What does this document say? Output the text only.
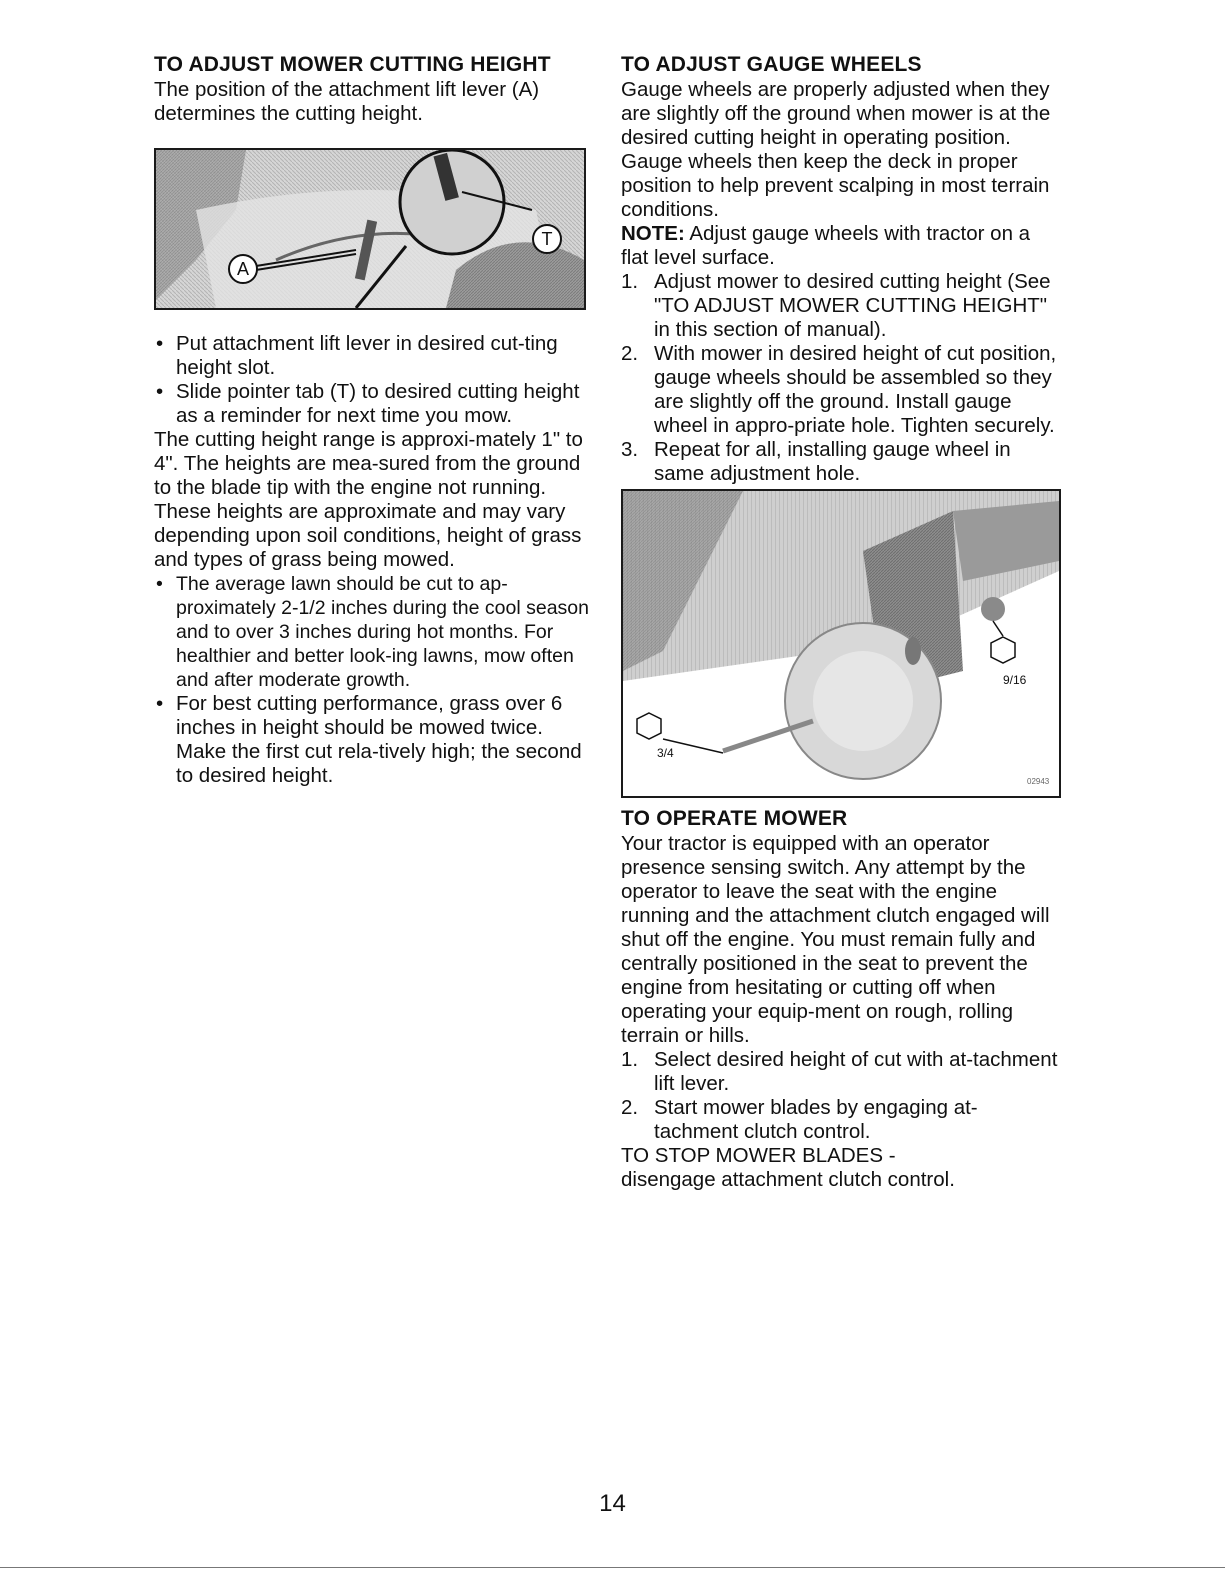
TO ADJUST MOWER CUTTING HEIGHT

The position of the attachment lift lever (A) determines the cutting height.

A
T
• Put attachment lift lever in desired cut-ting height slot.
• Slide pointer tab (T) to desired cutting height as a reminder for next time you mow.

The cutting height range is approxi-mately 1" to 4". The heights are mea-sured from the ground to the blade tip with the engine not running. These heights are approximate and may vary depending upon soil conditions, height of grass and types of grass being mowed.

• The average lawn should be cut to ap-proximately 2-1/2 inches during the cool season and to over 3 inches during hot months. For healthier and better look-ing lawns, mow often and after moderate growth.
• For best cutting performance, grass over 6 inches in height should be mowed twice. Make the first cut rela-tively high; the second to desired height.
TO ADJUST GAUGE WHEELS

Gauge wheels are properly adjusted when they are slightly off the ground when mower is at the desired cutting height in operating position. Gauge wheels then keep the deck in proper position to help prevent scalping in most terrain conditions.

NOTE: Adjust gauge wheels with tractor on a flat level surface.

1. Adjust mower to desired cutting height (See "TO ADJUST MOWER CUTTING HEIGHT" in this section of manual).
2. With mower in desired height of cut position, gauge wheels should be assembled so they are slightly off the ground. Install gauge wheel in appro-priate hole. Tighten securely.
3. Repeat for all, installing gauge wheel in same adjustment hole.
9/16
3/4
02943
TO OPERATE MOWER

Your tractor is equipped with an operator presence sensing switch. Any attempt by the operator to leave the seat with the engine running and the attachment clutch engaged will shut off the engine. You must remain fully and centrally positioned in the seat to prevent the engine from hesitating or cutting off when operating your equip-ment on rough, rolling terrain or hills.

1. Select desired height of cut with at-tachment lift lever.
2. Start mower blades by engaging at-tachment clutch control.

TO STOP MOWER BLADES -

disengage attachment clutch control.

14
